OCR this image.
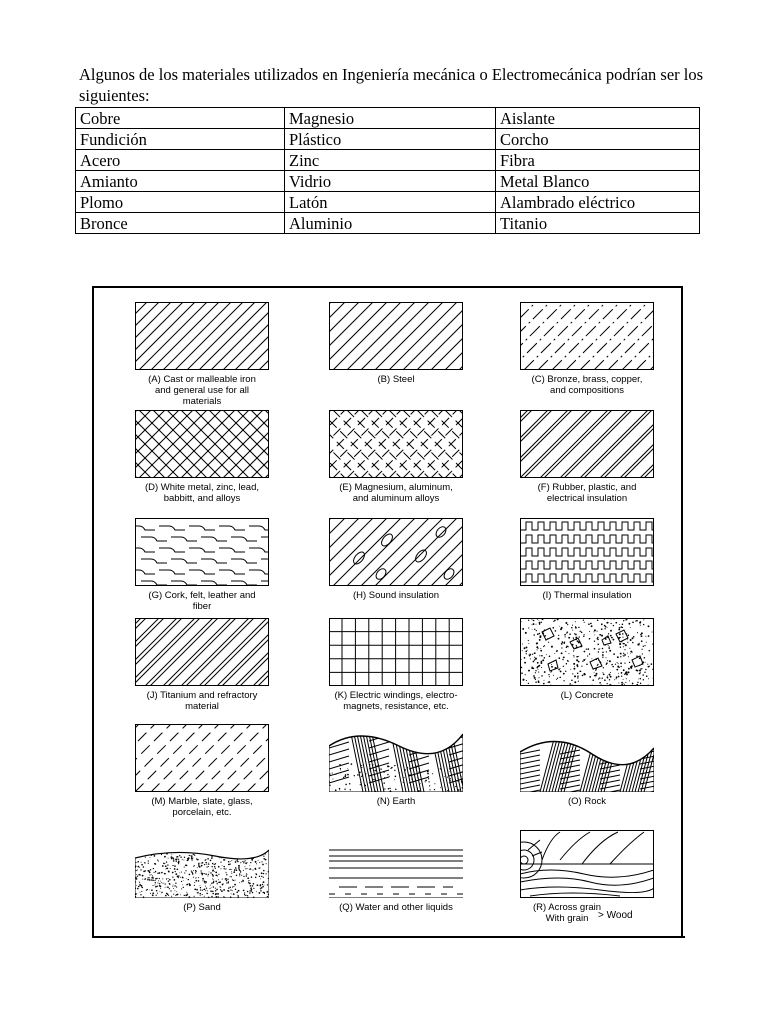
Algunos de los materiales utilizados en Ingeniería mecánica o Electromecánica podrían ser los siguientes:

Cobre	Magnesio	Aislante
Fundición	Plástico	Corcho
Acero	Zinc	Fibra
Amianto	Vidrio	Metal Blanco
Plomo	Latón	Alambrado eléctrico
Bronce	Aluminio	Titanio
(A) Cast or malleable iron
and general use for all
materials
(B) Steel	(C) Bronze, brass, copper,
and compositions
(D) White metal, zinc, lead,
babbitt, and alloys
(E) Magnesium, aluminum,
and aluminum alloys
(F) Rubber, plastic, and
electrical insulation
(G) Cork, felt, leather and
fiber
(H) Sound insulation	(I) Thermal insulation
(J) Titanium and refractory
material
(K) Electric windings, electro-
magnets, resistance, etc.
(L) Concrete
(M) Marble, slate, glass,
porcelain, etc.
(N) Earth	(O) Rock
(P) Sand	(Q) Water and other liquids	(R) Across grain
With grain > Wood
